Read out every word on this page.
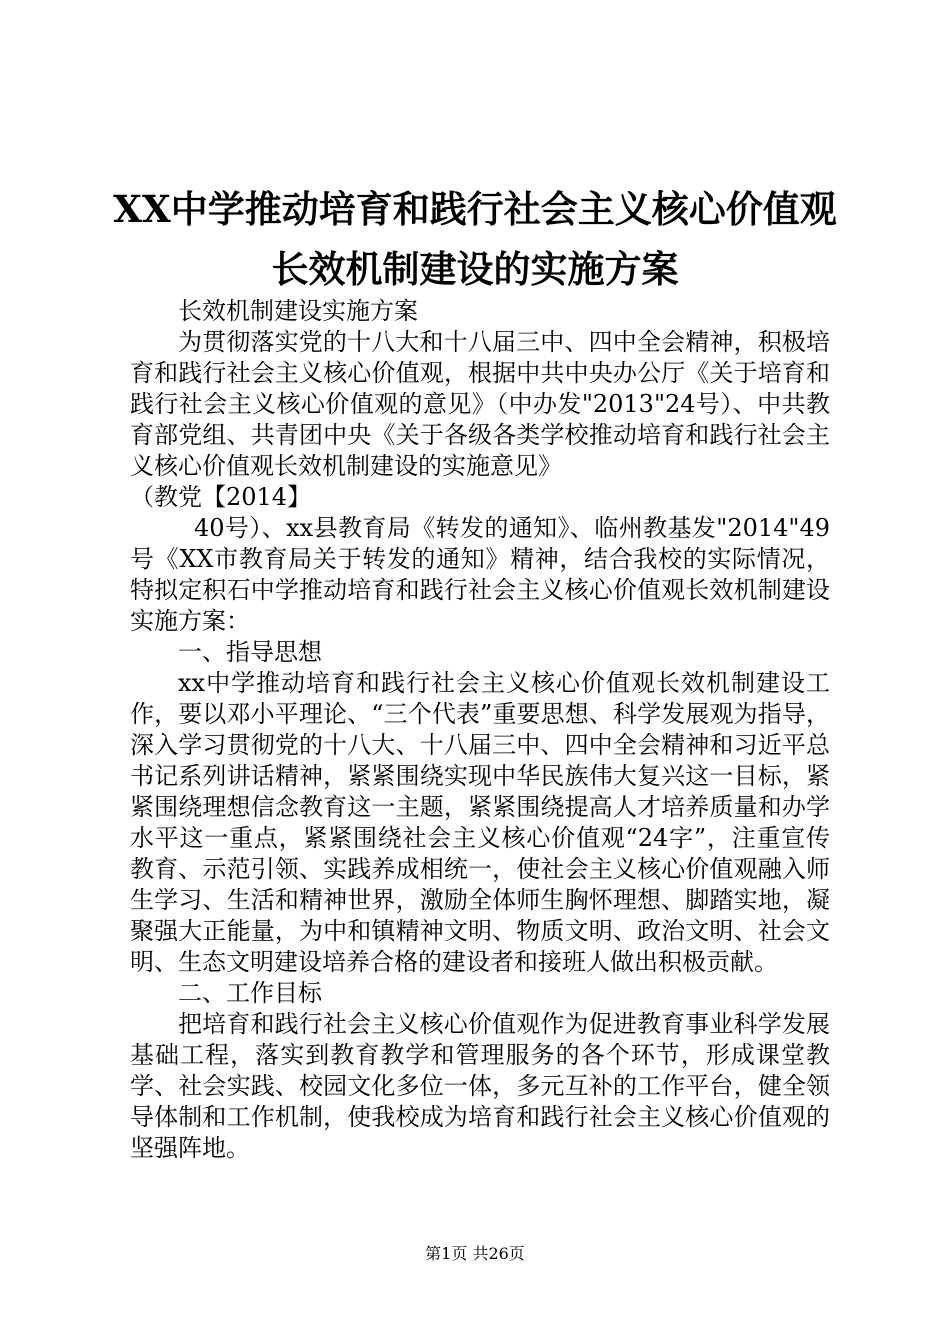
XX中学推动培育和践行社会主义核心价值观
长效机制建设的实施方案

长效机制建设实施方案

为贯彻落实党的十八大和十八届三中、四中全会精神，积极培育和践行社会主义核心价值观，根据中共中央办公厅《关于培育和践行社会主义核心价值观的意见》（中办发"2013"24号）、中共教育部党组、共青团中央《关于各级各类学校推动培育和践行社会主义核心价值观长效机制建设的实施意见》

（教党【2014】

40号）、xx县教育局《转发的通知》、临州教基发"2014"49号《XX市教育局关于转发的通知》精神，结合我校的实际情况，特拟定积石中学推动培育和践行社会主义核心价值观长效机制建设实施方案：

一、指导思想

xx中学推动培育和践行社会主义核心价值观长效机制建设工作，要以邓小平理论、“三个代表”重要思想、科学发展观为指导，深入学习贯彻党的十八大、十八届三中、四中全会精神和习近平总书记系列讲话精神，紧紧围绕实现中华民族伟大复兴这一目标，紧紧围绕理想信念教育这一主题，紧紧围绕提高人才培养质量和办学水平这一重点，紧紧围绕社会主义核心价值观“24字”，注重宣传教育、示范引领、实践养成相统一，使社会主义核心价值观融入师生学习、生活和精神世界，激励全体师生胸怀理想、脚踏实地，凝聚强大正能量，为中和镇精神文明、物质文明、政治文明、社会文明、生态文明建设培养合格的建设者和接班人做出积极贡献。

二、工作目标

把培育和践行社会主义核心价值观作为促进教育事业科学发展基础工程，落实到教育教学和管理服务的各个环节，形成课堂教学、社会实践、校园文化多位一体，多元互补的工作平台，健全领导体制和工作机制，使我校成为培育和践行社会主义核心价值观的坚强阵地。

第1页 共26页
